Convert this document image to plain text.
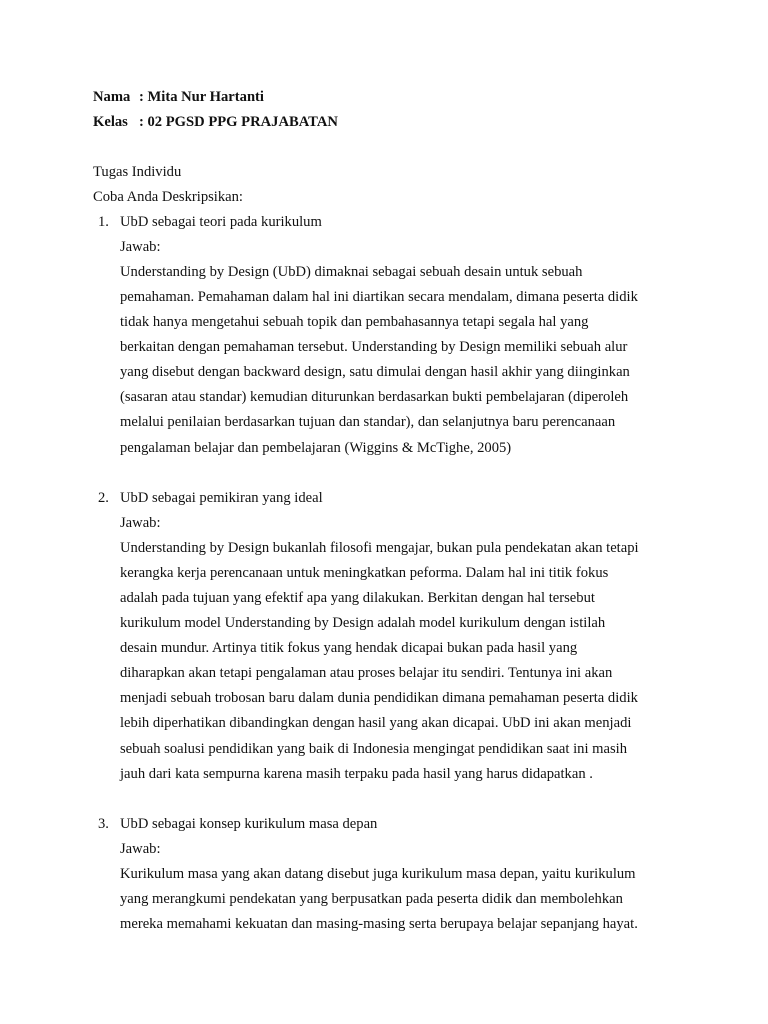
Nama : Mita Nur Hartanti
Kelas : 02 PGSD PPG PRAJABATAN
Tugas Individu
Coba Anda Deskripsikan:
1. UbD sebagai teori pada kurikulum
Jawab:
Understanding by Design (UbD) dimaknai sebagai sebuah desain untuk sebuah
pemahaman. Pemahaman dalam hal ini diartikan secara mendalam, dimana peserta didik
tidak hanya mengetahui sebuah topik dan pembahasannya tetapi segala hal yang
berkaitan dengan pemahaman tersebut. Understanding by Design memiliki sebuah alur
yang disebut dengan backward design, satu dimulai dengan hasil akhir yang diinginkan
(sasaran atau standar) kemudian diturunkan berdasarkan bukti pembelajaran (diperoleh
melalui penilaian berdasarkan tujuan dan standar), dan selanjutnya baru perencanaan
pengalaman belajar dan pembelajaran (Wiggins & McTighe, 2005)
2. UbD sebagai pemikiran yang ideal
Jawab:
Understanding by Design bukanlah filosofi mengajar, bukan pula pendekatan akan tetapi
kerangka kerja perencanaan untuk meningkatkan peforma. Dalam hal ini titik fokus
adalah pada tujuan yang efektif apa yang dilakukan. Berkitan dengan hal tersebut
kurikulum model Understanding by Design adalah model kurikulum dengan istilah
desain mundur. Artinya titik fokus yang hendak dicapai bukan pada hasil yang
diharapkan akan tetapi pengalaman atau proses belajar itu sendiri. Tentunya ini akan
menjadi sebuah trobosan baru dalam dunia pendidikan dimana pemahaman peserta didik
lebih diperhatikan dibandingkan dengan hasil yang akan dicapai. UbD ini akan menjadi
sebuah soalusi pendidikan yang baik di Indonesia mengingat pendidikan saat ini masih
jauh dari kata sempurna karena masih terpaku pada hasil yang harus didapatkan .
3. UbD sebagai konsep kurikulum masa depan
Jawab:
Kurikulum masa yang akan datang disebut juga kurikulum masa depan, yaitu kurikulum
yang merangkumi pendekatan yang berpusatkan pada peserta didik dan membolehkan
mereka memahami kekuatan dan masing-masing serta berupaya belajar sepanjang hayat.
